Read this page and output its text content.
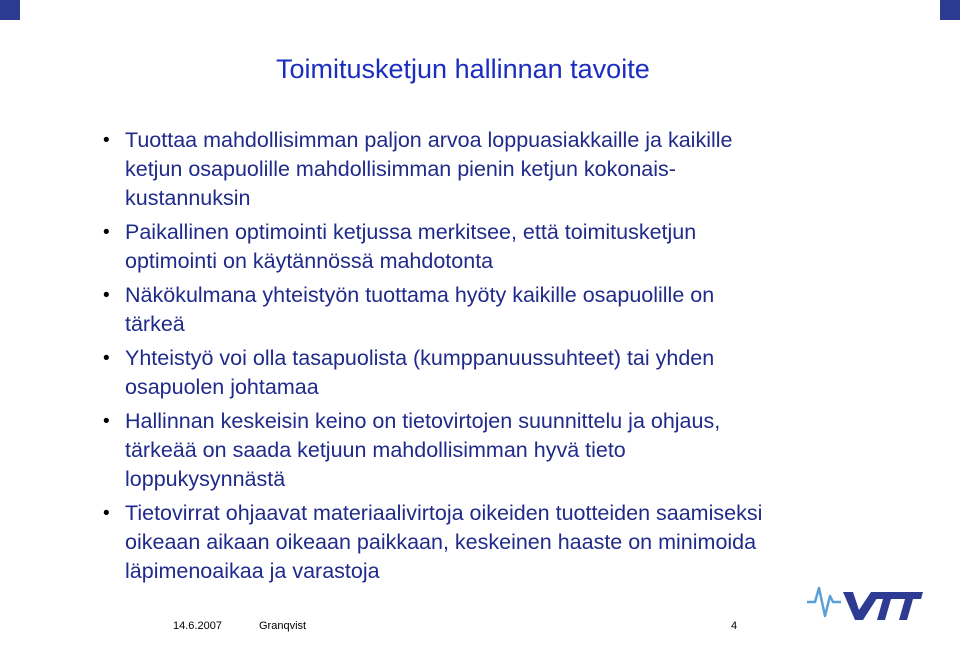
Toimitusketjun hallinnan tavoite
• Tuottaa mahdollisimman paljon arvoa loppuasiakkaille ja kaikille
ketjun osapuolille mahdollisimman pienin ketjun kokonais-
kustannuksin
• Paikallinen optimointi ketjussa merkitsee, että toimitusketjun
optimointi on käytännössä mahdotonta
• Näkökulmana yhteistyön tuottama hyöty kaikille osapuolille on
tärkeä
• Yhteistyö voi olla tasapuolista (kumppanuussuhteet) tai yhden
osapuolen johtamaa
• Hallinnan keskeisin keino on tietovirtojen suunnittelu ja ohjaus,
tärkeää on saada ketjuun mahdollisimman hyvä tieto
loppukysynnästä
• Tietovirrat ohjaavat materiaalivirtoja oikeiden tuotteiden saamiseksi
oikeaan aikaan oikeaan paikkaan, keskeinen haaste on minimoida
läpimenoaikaa ja varastoja
14.6.2007	Granqvist	4
